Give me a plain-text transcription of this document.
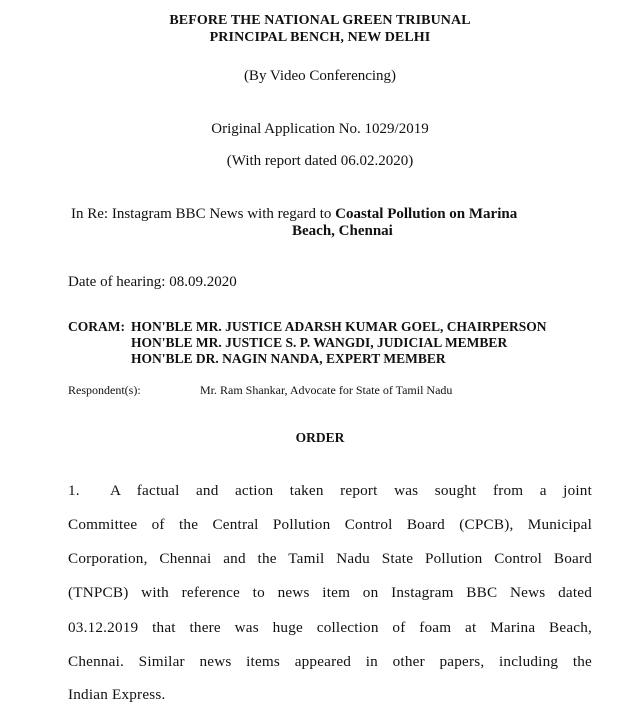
BEFORE THE NATIONAL GREEN TRIBUNAL
PRINCIPAL BENCH, NEW DELHI
(By Video Conferencing)
Original Application No. 1029/2019
(With report dated 06.02.2020)
In Re: Instagram BBC News with regard to Coastal Pollution on Marina
Beach, Chennai
Date of hearing: 08.09.2020
CORAM: HON'BLE MR. JUSTICE ADARSH KUMAR GOEL, CHAIRPERSON
HON'BLE MR. JUSTICE S. P. WANGDI, JUDICIAL MEMBER
HON'BLE DR. NAGIN NANDA, EXPERT MEMBER
Respondent(s):	Mr. Ram Shankar, Advocate for State of Tamil Nadu
ORDER
1. A factual and action taken report was sought from a joint
Committee of the Central Pollution Control Board (CPCB), Municipal
Corporation, Chennai and the Tamil Nadu State Pollution Control Board
(TNPCB) with reference to news item on Instagram BBC News dated
03.12.2019 that there was huge collection of foam at Marina Beach,
Chennai. Similar news items appeared in other papers, including the
Indian Express.
